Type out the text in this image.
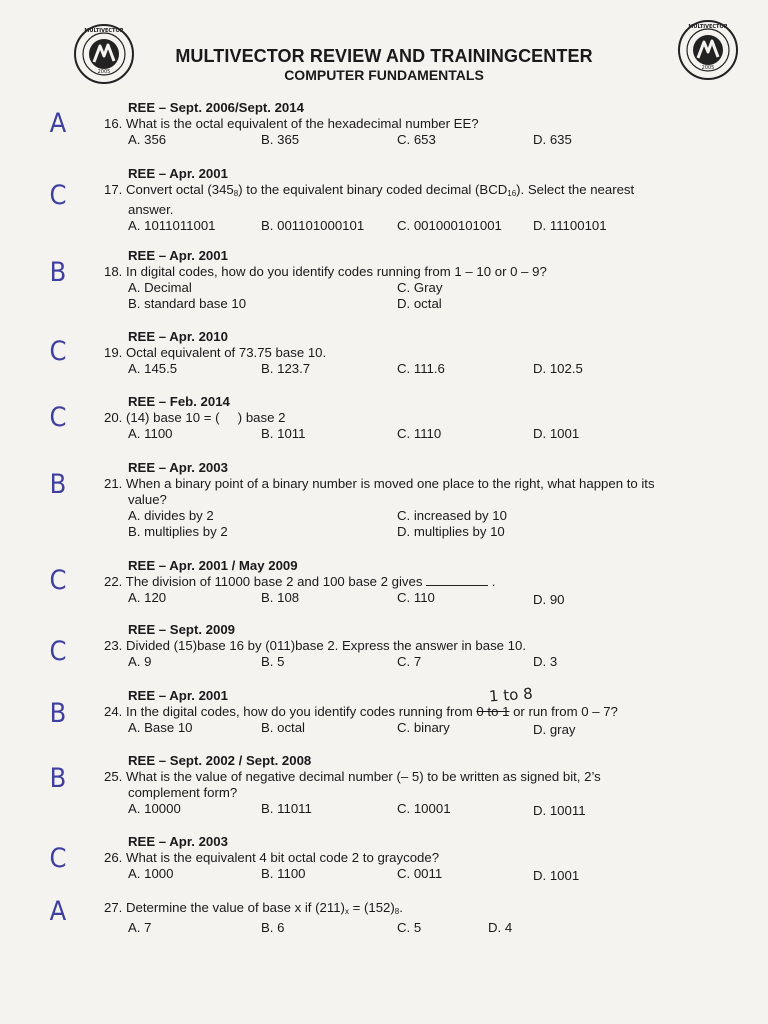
2005
MULTIVECTOR
2005
MULTIVECTOR
MULTIVECTOR REVIEW AND TRAININGCENTER
COMPUTER FUNDAMENTALS
A
REE – Sept. 2006/Sept. 2014
16. What is the octal equivalent of the hexadecimal number EE?
A. 356	B. 365	C. 653	D. 635
C
REE – Apr. 2001
17. Convert octal $(345_8)$ to the equivalent binary coded decimal $(BCD_{16})$. Select the nearest
answer.
A. 1011011001	B. 001101000101 C. 001000101001 D. 11100101
B
REE – Apr. 2001
18. In digital codes, how do you identify codes running from 1 – 10 or 0 – 9?
A. Decimal	C. Gray
B. standard base 10	D. octal
C	REE – Apr. 2010
19. Octal equivalent of 73.75 base 10.
A. 145.5	B. 123.7	C. 111.6	D. 102.5
C
REE – Feb. 2014
20. (14) base 10 = (     ) base 2
A. 1100	B. 1011	C. 1110	D. 1001
B
REE – Apr. 2003
21. When a binary point of a binary number is moved one place to the right, what happen to its
value?
A. divides by 2	C. increased by 10
B. multiplies by 2	D. multiplies by 10
C	REE – Apr. 2001 / May 2009
22. The division of 11000 base 2 and 100 base 2 gives	.
A. 120	B. 108	C. 110	D. 90
C
REE – Sept. 2009
23. Divided (15)base 16 by (011)base 2. Express the answer in base 10.
A. 9	B. 5	C. 7	D. 3
1 to 8
B
REE – Apr. 2001
24. In the digital codes, how do you identify codes running from 0 to 1 or run from 0 – 7?
A. Base 10	B. octal	C. binary	D. gray
B
REE – Sept. 2002 / Sept. 2008
25. What is the value of negative decimal number (– 5) to be written as signed bit, 2’s
complement form?
A. 10000	B. 11011	C. 10001	D. 10011
C
REE – Apr. 2003
26. What is the equivalent 4 bit octal code 2 to graycode?
A. 1000	B. 1100	C. 0011	D. 1001
A	27. Determine the value of base x if $(211)_x = (152)_8$.
A. 7	B. 6	C. 5	D. 4
